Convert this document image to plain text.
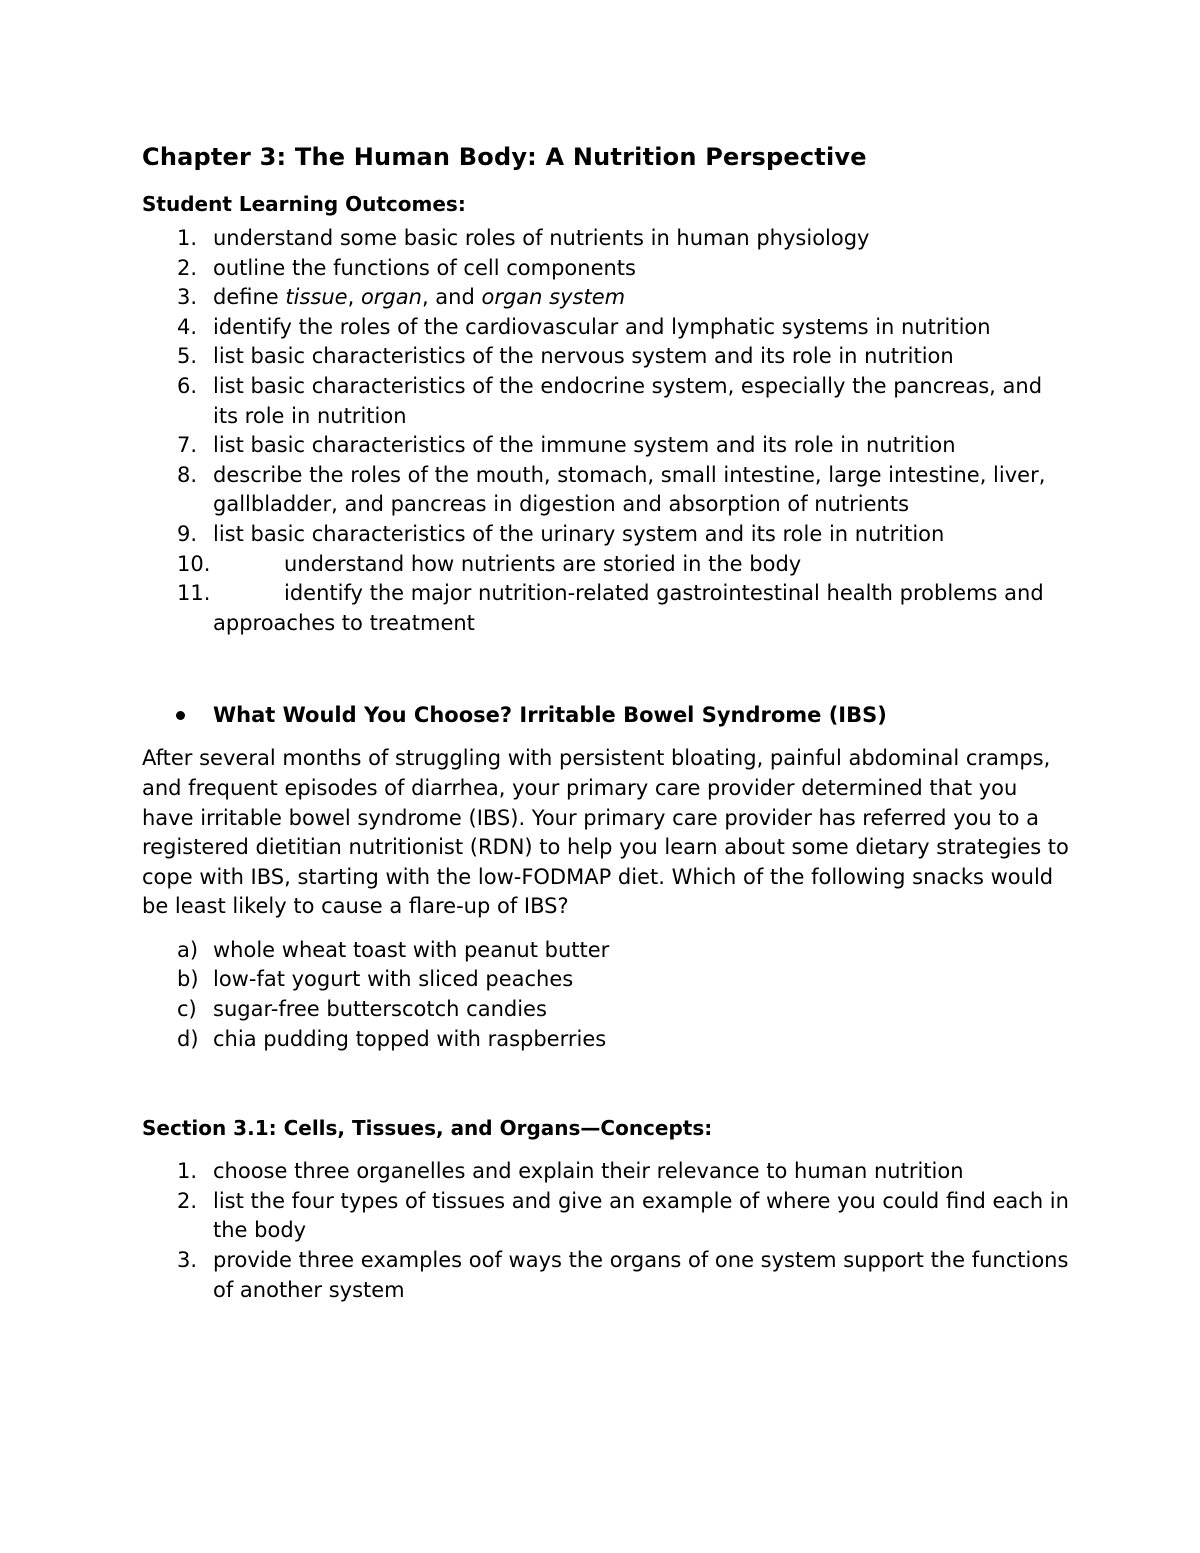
Chapter 3: The Human Body: A Nutrition Perspective
Student Learning Outcomes:
1. understand some basic roles of nutrients in human physiology
2. outline the functions of cell components
3. define tissue, organ, and organ system
4. identify the roles of the cardiovascular and lymphatic systems in nutrition
5. list basic characteristics of the nervous system and its role in nutrition
6. list basic characteristics of the endocrine system, especially the pancreas, and its role in nutrition
7. list basic characteristics of the immune system and its role in nutrition
8. describe the roles of the mouth, stomach, small intestine, large intestine, liver, gallbladder, and pancreas in digestion and absorption of nutrients
9. list basic characteristics of the urinary system and its role in nutrition
10.	understand how nutrients are storied in the body
11.	identify the major nutrition-related gastrointestinal health problems and approaches to treatment
What Would You Choose? Irritable Bowel Syndrome (IBS)

After several months of struggling with persistent bloating, painful abdominal cramps, and frequent episodes of diarrhea, your primary care provider determined that you have irritable bowel syndrome (IBS). Your primary care provider has referred you to a registered dietitian nutritionist (RDN) to help you learn about some dietary strategies to cope with IBS, starting with the low-FODMAP diet. Which of the following snacks would be least likely to cause a flare-up of IBS?

a) whole wheat toast with peanut butter
b) low-fat yogurt with sliced peaches
c) sugar-free butterscotch candies
d) chia pudding topped with raspberries
Section 3.1: Cells, Tissues, and Organs—Concepts:
1. choose three organelles and explain their relevance to human nutrition
2. list the four types of tissues and give an example of where you could find each in the body
3. provide three examples oof ways the organs of one system support the functions of another system
